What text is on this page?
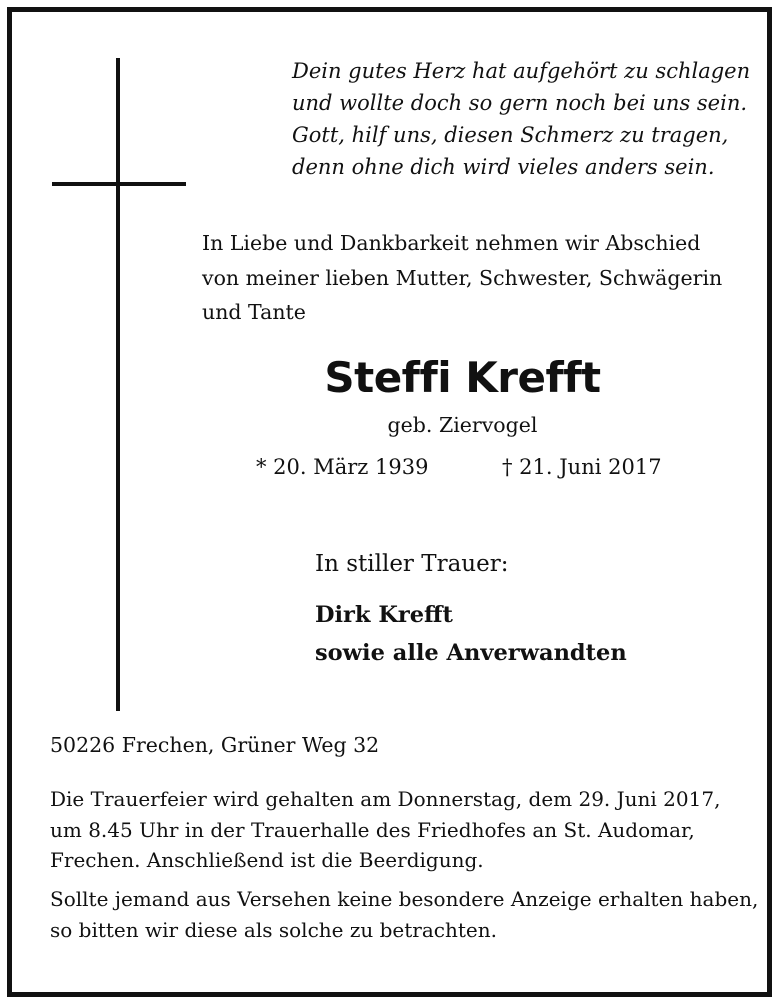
Dein gutes Herz hat aufgehört zu schlagen
und wollte doch so gern noch bei uns sein.
Gott, hilf uns, diesen Schmerz zu tragen,
denn ohne dich wird vieles anders sein.
In Liebe und Dankbarkeit nehmen wir Abschied
von meiner lieben Mutter, Schwester, Schwägerin
und Tante
Steffi Krefft
geb. Ziervogel
* 20. März 1939	† 21. Juni 2017
In stiller Trauer:
Dirk Krefft
sowie alle Anverwandten
50226 Frechen, Grüner Weg 32
Die Trauerfeier wird gehalten am Donnerstag, dem 29. Juni 2017,
um 8.45 Uhr in der Trauerhalle des Friedhofes an St. Audomar,
Frechen. Anschließend ist die Beerdigung.
Sollte jemand aus Versehen keine besondere Anzeige erhalten haben,
so bitten wir diese als solche zu betrachten.
